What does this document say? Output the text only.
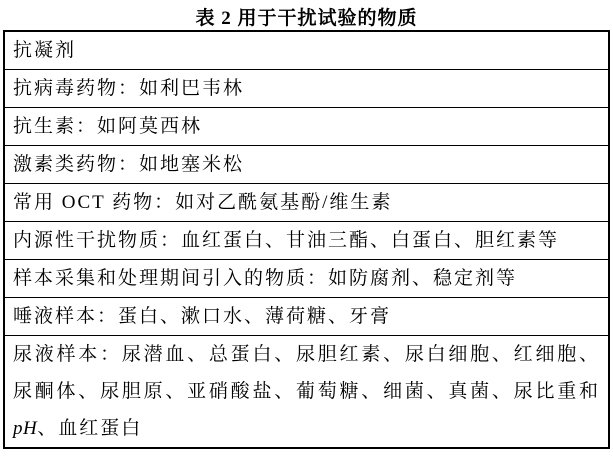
表 2 用于干扰试验的物质
抗凝剂
抗病毒药物：如利巴韦林
抗生素：如阿莫西林
激素类药物：如地塞米松
常用 OCT 药物：如对乙酰氨基酚/维生素
内源性干扰物质：血红蛋白、甘油三酯、白蛋白、胆红素等
样本采集和处理期间引入的物质：如防腐剂、稳定剂等
唾液样本：蛋白、漱口水、薄荷糖、牙膏
尿液样本：尿潜血、总蛋白、尿胆红素、尿白细胞、红细胞、尿酮体、尿胆原、亚硝酸盐、葡萄糖、细菌、真菌、尿比重和 pH、血红蛋白
